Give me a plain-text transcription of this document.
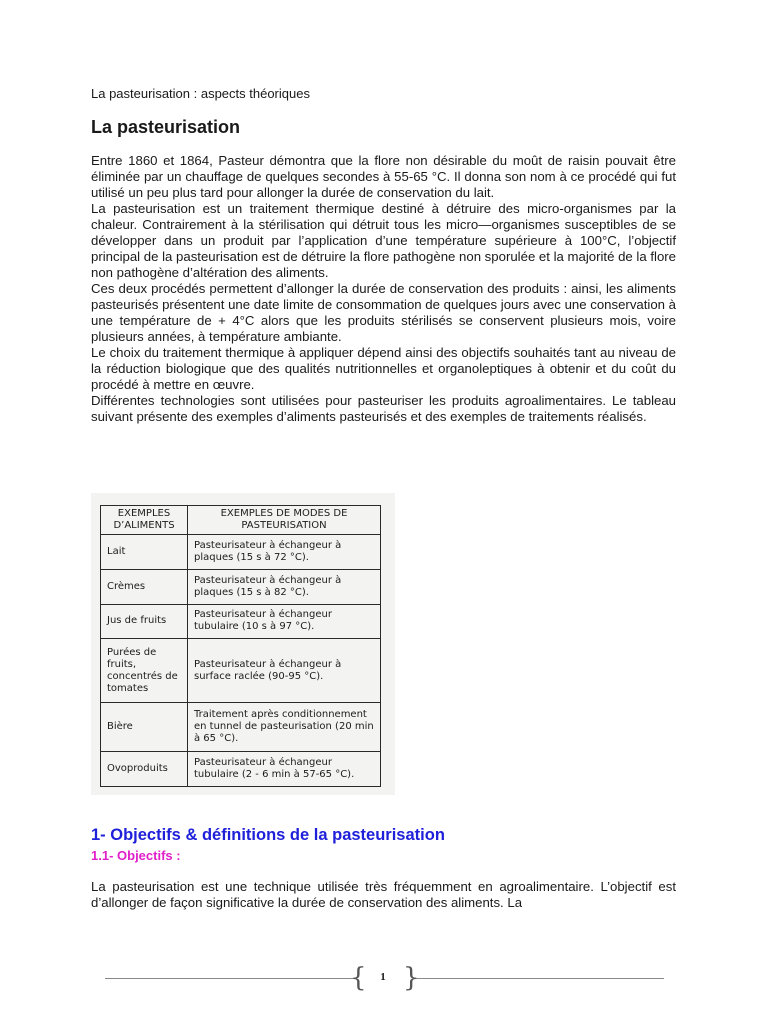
La pasteurisation : aspects théoriques
La pasteurisation

Entre 1860 et 1864, Pasteur démontra que la flore non désirable du moût de raisin pouvait être éliminée par un chauffage de quelques secondes à 55-65 °C. Il donna son nom à ce procédé qui fut utilisé un peu plus tard pour allonger la durée de conservation du lait.

La pasteurisation est un traitement thermique destiné à détruire des micro-organismes par la chaleur. Contrairement à la stérilisation qui détruit tous les micro—organismes susceptibles de se développer dans un produit par l’application d’une température supérieure à 100°C, l’objectif principal de la pasteurisation est de détruire la flore pathogène non sporulée et la majorité de la flore non pathogène d’altération des aliments.

Ces deux procédés permettent d’allonger la durée de conservation des produits : ainsi, les aliments pasteurisés présentent une date limite de consommation de quelques jours avec une conservation à une température de + 4°C alors que les produits stérilisés se conservent plusieurs mois, voire plusieurs années, à température ambiante.

Le choix du traitement thermique à appliquer dépend ainsi des objectifs souhaités tant au niveau de la réduction biologique que des qualités nutritionnelles et organoleptiques à obtenir et du coût du procédé à mettre en œuvre.

Différentes technologies sont utilisées pour pasteuriser les produits agroalimentaires. Le tableau suivant présente des exemples d’aliments pasteurisés et des exemples de traitements réalisés.

EXEMPLES D’ALIMENTS	EXEMPLES DE MODES DE PASTEURISATION
Lait	Pasteurisateur à échangeur à plaques (15 s à 72 °C).
Crèmes	Pasteurisateur à échangeur à plaques (15 s à 82 °C).
Jus de fruits	Pasteurisateur à échangeur tubulaire (10 s à 97 °C).
Purées de fruits, concentrés de tomates	Pasteurisateur à échangeur à surface raclée (90-95 °C).
Bière	Traitement après conditionnement en tunnel de pasteurisation (20 min à 65 °C).
Ovoproduits	Pasteurisateur à échangeur tubulaire (2 - 6 min à 57-65 °C).
1- Objectifs & définitions de la pasteurisation
1.1- Objectifs :

La pasteurisation est une technique utilisée très fréquemment en agroalimentaire. L’objectif est d’allonger de façon significative la durée de conservation des aliments. La

{	1 }
